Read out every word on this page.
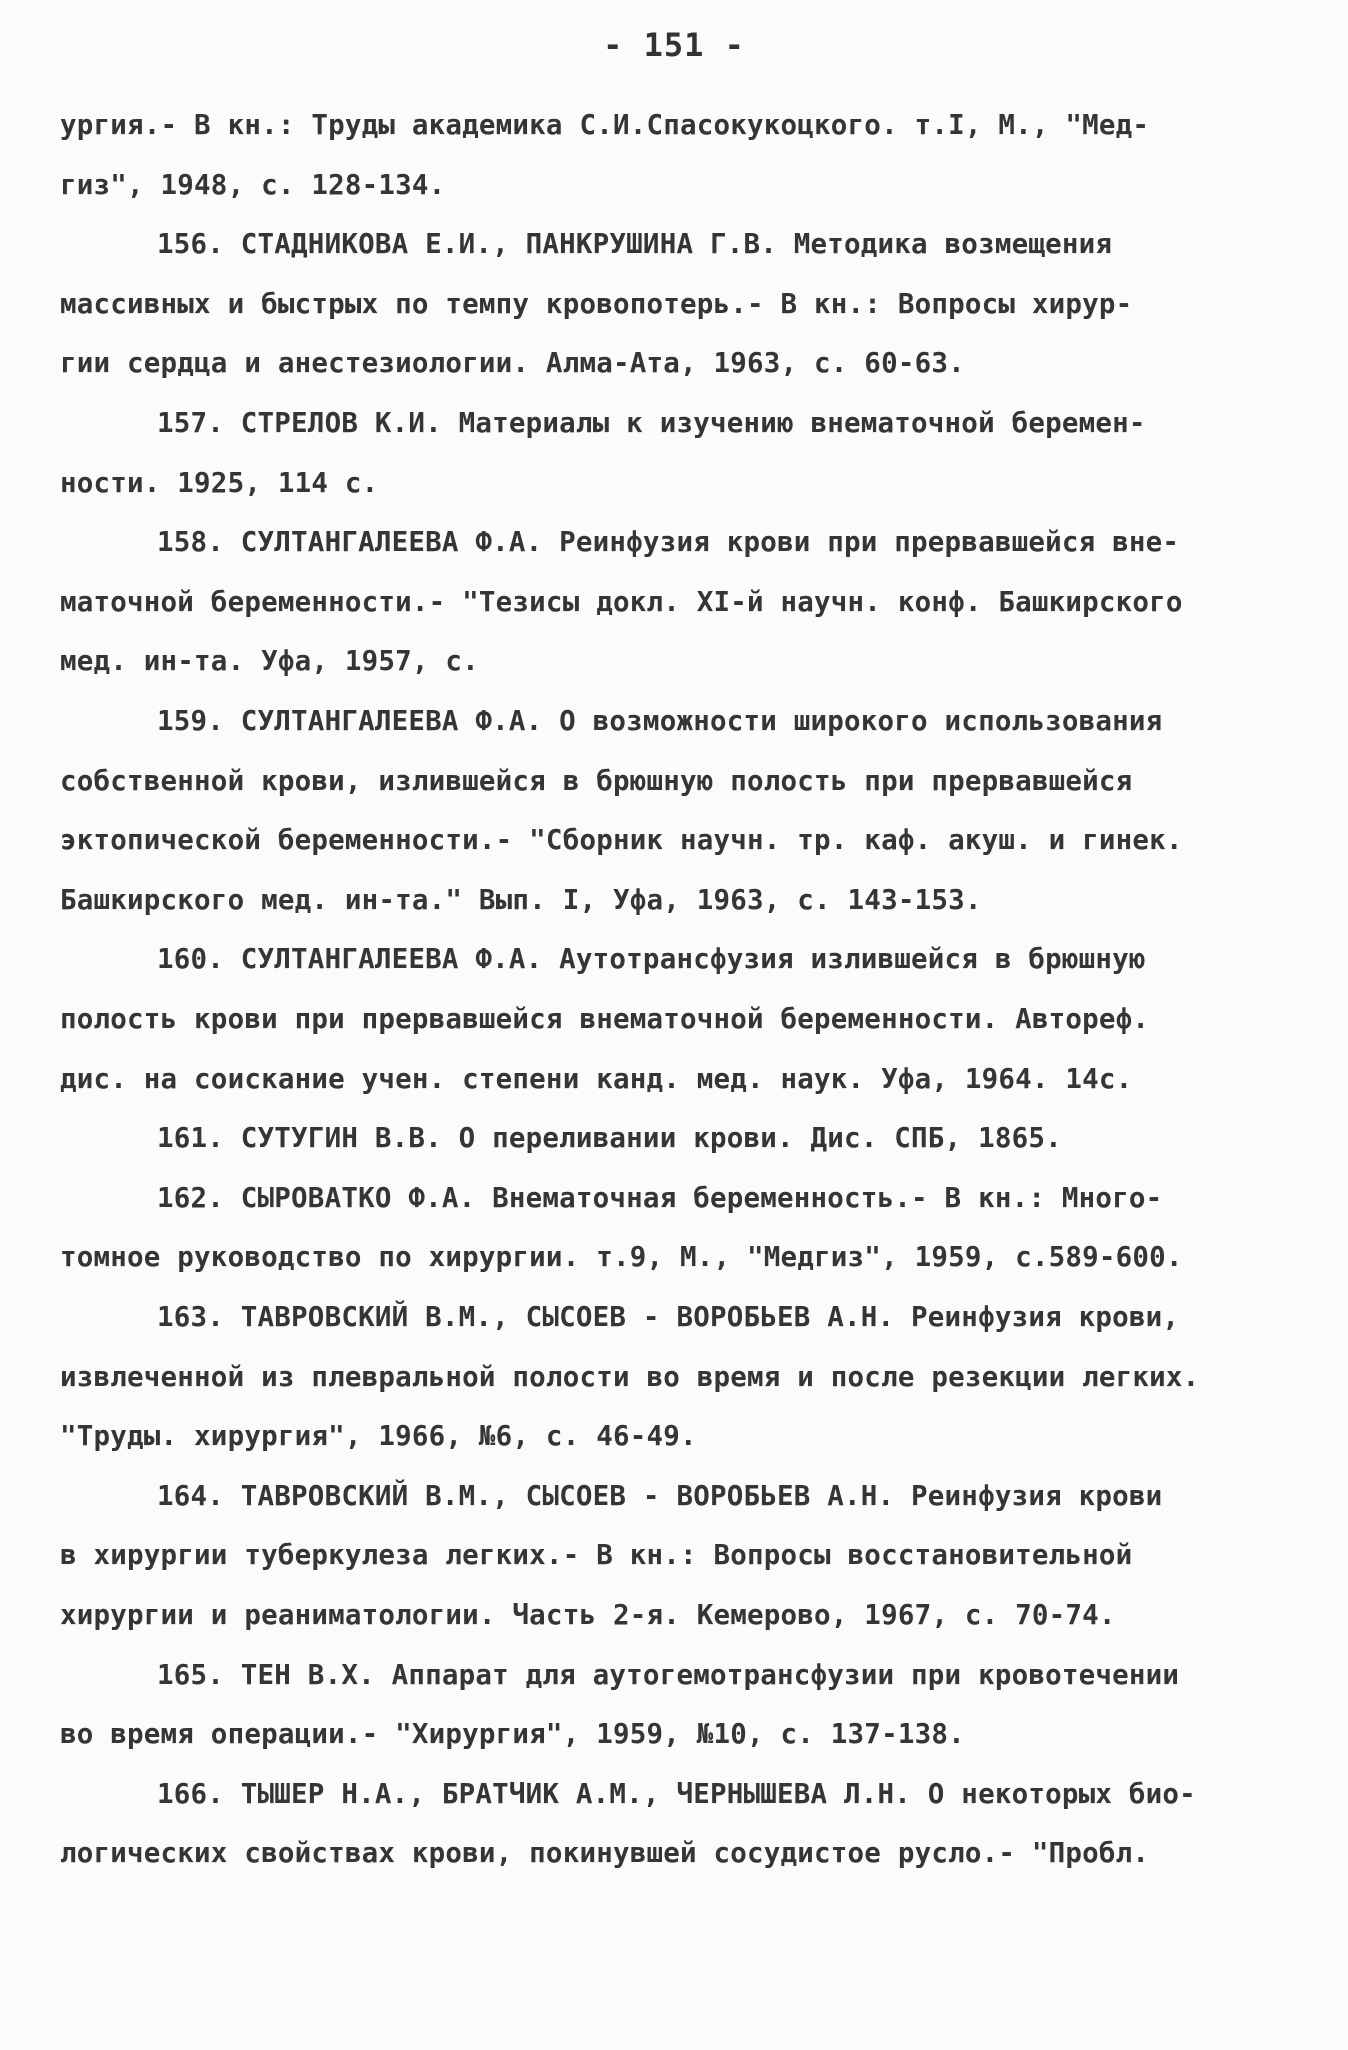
- 151 -
ургия.- В кн.: Труды академика С.И.Спасокукоцкого. т.I, М., "Мед-
гиз", 1948, с. 128-134.
156. СТАДНИКОВА Е.И., ПАНКРУШИНА Г.В. Методика возмещения
массивных и быстрых по темпу кровопотерь.- В кн.: Вопросы хирур-
гии сердца и анестезиологии. Алма-Ата, 1963, с. 60-63.
157. СТРЕЛОВ К.И. Материалы к изучению внематочной беремен-
ности. 1925, 114 с.
158. СУЛТАНГАЛЕЕВА Ф.А. Реинфузия крови при прервавшейся вне-
маточной беременности.- "Тезисы докл. XI-й научн. конф. Башкирского
мед. ин-та. Уфа, 1957, с.
159. СУЛТАНГАЛЕЕВА Ф.А. О возможности широкого использования
собственной крови, излившейся в брюшную полость при прервавшейся
эктопической беременности.- "Сборник научн. тр. каф. акуш. и гинек.
Башкирского мед. ин-та." Вып. I, Уфа, 1963, с. 143-153.
160. СУЛТАНГАЛЕЕВА Ф.А. Аутотрансфузия излившейся в брюшную
полость крови при прервавшейся внематочной беременности. Автореф.
дис. на соискание учен. степени канд. мед. наук. Уфа, 1964. 14с.
161. СУТУГИН В.В. О переливании крови. Дис. СПБ, 1865.
162. СЫРОВАТКО Ф.А. Внематочная беременность.- В кн.: Много-
томное руководство по хирургии. т.9, М., "Медгиз", 1959, с.589-600.
163. ТАВРОВСКИЙ В.М., СЫСОЕВ - ВОРОБЬЕВ А.Н. Реинфузия крови,
извлеченной из плевральной полости во время и после резекции легких.
"Труды. хирургия", 1966, №6, с. 46-49.
164. ТАВРОВСКИЙ В.М., СЫСОЕВ - ВОРОБЬЕВ А.Н. Реинфузия крови
в хирургии туберкулеза легких.- В кн.: Вопросы восстановительной
хирургии и реаниматологии. Часть 2-я. Кемерово, 1967, с. 70-74.
165. ТЕН В.Х. Аппарат для аутогемотрансфузии при кровотечении
во время операции.- "Хирургия", 1959, №10, с. 137-138.
166. ТЫШЕР Н.А., БРАТЧИК А.М., ЧЕРНЫШЕВА Л.Н. О некоторых био-
логических свойствах крови, покинувшей сосудистое русло.- "Пробл.
